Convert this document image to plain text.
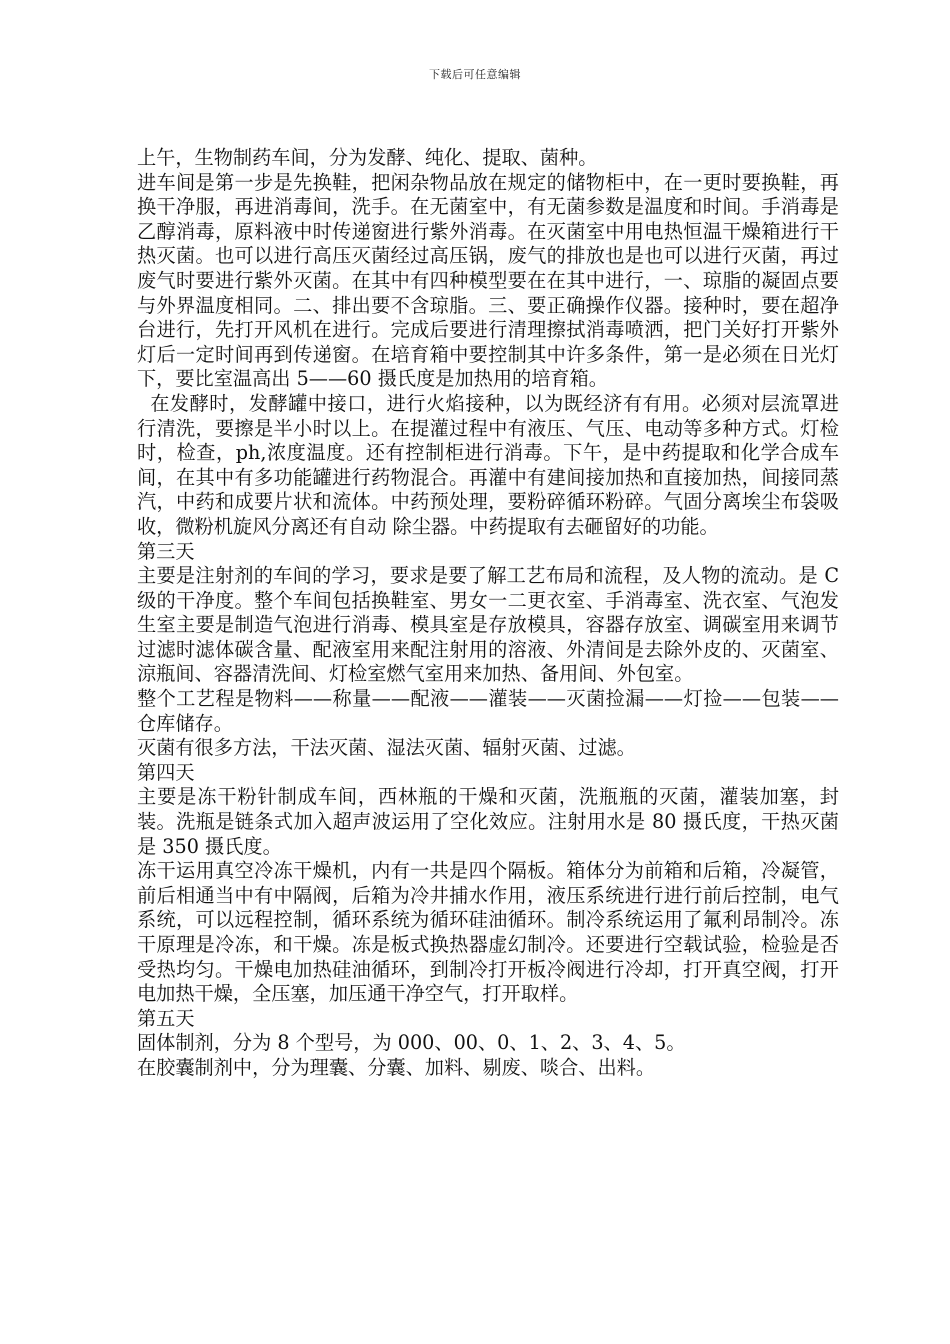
下载后可任意编辑

上午，生物制药车间，分为发酵、纯化、提取、菌种。

进车间是第一步是先换鞋，把闲杂物品放在规定的储物柜中，在一更时要换鞋，再换干净服，再进消毒间，洗手。在无菌室中，有无菌参数是温度和时间。手消毒是乙醇消毒，原料液中时传递窗进行紫外消毒。在灭菌室中用电热恒温干燥箱进行干热灭菌。也可以进行高压灭菌经过高压锅，废气的排放也是也可以进行灭菌，再过废气时要进行紫外灭菌。在其中有四种模型要在在其中进行，一、琼脂的凝固点要与外界温度相同。二、排出要不含琼脂。三、要正确操作仪器。接种时，要在超净台进行，先打开风机在进行。完成后要进行清理擦拭消毒喷洒，把门关好打开紫外灯后一定时间再到传递窗。在培育箱中要控制其中许多条件，第一是必须在日光灯下，要比室温高出 5——60 摄氏度是加热用的培育箱。

在发酵时，发酵罐中接口，进行火焰接种，以为既经济有有用。必须对层流罩进行清洗，要擦是半小时以上。在提灌过程中有液压、气压、电动等多种方式。灯检时，检查，ph,浓度温度。还有控制柜进行消毒。下午，是中药提取和化学合成车间，在其中有多功能罐进行药物混合。再灌中有建间接加热和直接加热，间接同蒸汽，中药和成要片状和流体。中药预处理，要粉碎循环粉碎。气固分离埃尘布袋吸收，微粉机旋风分离还有自动 除尘器。中药提取有去砸留好的功能。

第三天

主要是注射剂的车间的学习，要求是要了解工艺布局和流程，及人物的流动。是 C 级的干净度。整个车间包括换鞋室、男女一二更衣室、手消毒室、洗衣室、气泡发生室主要是制造气泡进行消毒、模具室是存放模具，容器存放室、调碳室用来调节过滤时滤体碳含量、配液室用来配注射用的溶液、外清间是去除外皮的、灭菌室、涼瓶间、容器清洗间、灯检室燃气室用来加热、备用间、外包室。

整个工艺程是物料——称量——配液——灌装——灭菌捡漏——灯捡——包装——仓库储存。

灭菌有很多方法，干法灭菌、湿法灭菌、辐射灭菌、过滤。

第四天

主要是冻干粉针制成车间，西林瓶的干燥和灭菌，洗瓶瓶的灭菌，灌装加塞，封装。洗瓶是链条式加入超声波运用了空化效应。注射用水是 80 摄氏度，干热灭菌是 350 摄氏度。

冻干运用真空冷冻干燥机，内有一共是四个隔板。箱体分为前箱和后箱，冷凝管，前后相通当中有中隔阀，后箱为冷井捕水作用，液压系统进行进行前后控制，电气系统，可以远程控制，循环系统为循环硅油循环。制冷系统运用了氟利昂制冷。冻干原理是冷冻，和干燥。冻是板式换热器虚幻制冷。还要进行空载试验，检验是否受热均匀。干燥电加热硅油循环，到制冷打开板冷阀进行冷却，打开真空阀，打开电加热干燥，全压塞，加压通干净空气，打开取样。

第五天

固体制剂，分为 8 个型号，为 000、00、0、1、2、3、4、5。

在胶囊制剂中，分为理囊、分囊、加料、剔废、啖合、出料。
